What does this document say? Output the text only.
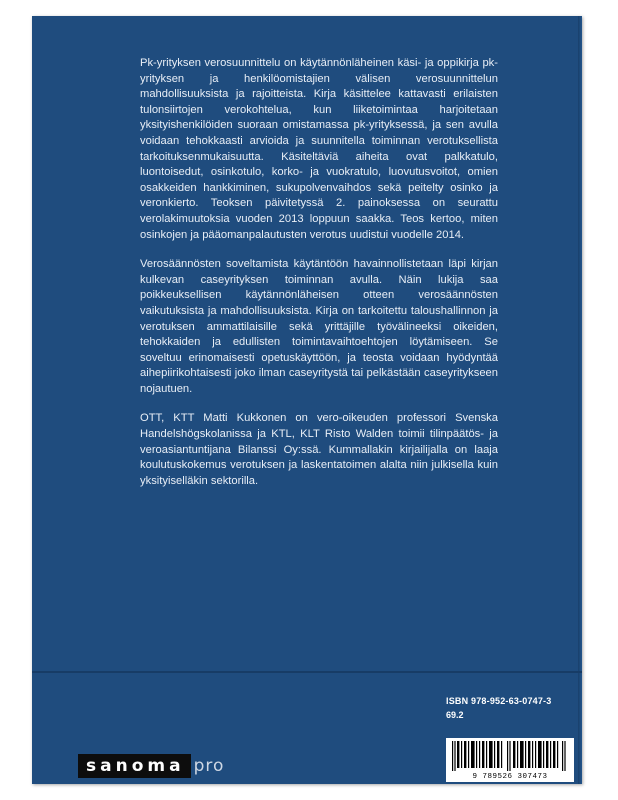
Pk-yrityksen verosuunnittelu on käytännönläheinen käsi- ja oppikirja pk-yrityksen ja henkilöomistajien välisen verosuunnittelun mahdollisuuksista ja rajoitteista. Kirja käsittelee kattavasti erilaisten tulonsiirtojen verokohtelua, kun liiketoimintaa harjoitetaan yksityishenkilöiden suoraan omistamassa pk-yrityksessä, ja sen avulla voidaan tehokkaasti arvioida ja suunnitella toiminnan verotuksellista tarkoituksenmukaisuutta. Käsiteltäviä aiheita ovat palkkatulo, luontoisedut, osinkotulo, korko- ja vuokratulo, luovutusvoitot, omien osakkeiden hankkiminen, sukupolvenvaihdos sekä peitelty osinko ja veronkierto. Teoksen päivitetyssä 2. painoksessa on seurattu verolakimuutoksia vuoden 2013 loppuun saakka. Teos kertoo, miten osinkojen ja pääomanpalautusten verotus uudistui vuodelle 2014.

Verosäännösten soveltamista käytäntöön havainnollistetaan läpi kirjan kulkevan caseyrityksen toiminnan avulla. Näin lukija saa poikkeuksellisen käytännönläheisen otteen verosäännösten vaikutuksista ja mahdollisuuksista. Kirja on tarkoitettu taloushallinnon ja verotuksen ammattilaisille sekä yrittäjille työvälineeksi oikeiden, tehokkaiden ja edullisten toimintavaihtoehtojen löytämiseen. Se soveltuu erinomaisesti opetuskäyttöön, ja teosta voidaan hyödyntää aihepiirikohtaisesti joko ilman caseyritystä tai pelkästään caseyritykseen nojautuen.

OTT, KTT Matti Kukkonen on vero-oikeuden professori Svenska Handelshögskolanissa ja KTL, KLT Risto Walden toimii tilinpäätös- ja veroasiantuntijana Bilanssi Oy:ssä. Kummallakin kirjailijalla on laaja koulutuskokemus verotuksen ja laskentatoimen alalta niin julkisella kuin yksityiselläkin sektorilla.

ISBN 978-952-63-0747-3
69.2
9 789526 307473
sanoma pro
